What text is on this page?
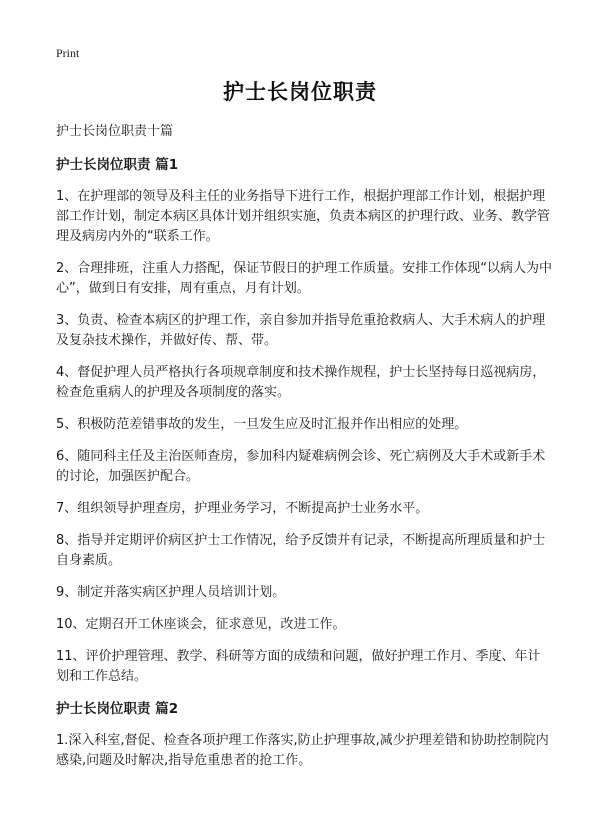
Print
护士长岗位职责

护士长岗位职责十篇

护士长岗位职责 篇1

1、在护理部的领导及科主任的业务指导下进行工作，根据护理部工作计划，根据护理部工作计划，制定本病区具体计划并组织实施，负责本病区的护理行政、业务、教学管理及病房内外的“联系工作。

2、合理排班，注重人力搭配，保证节假日的护理工作质量。安排工作体现“以病人为中心”，做到日有安排，周有重点，月有计划。

3、负责、检查本病区的护理工作，亲自参加并指导危重抢救病人、大手术病人的护理及复杂技术操作，并做好传、帮、带。

4、督促护理人员严格执行各项规章制度和技术操作规程，护士长坚持每日巡视病房，检查危重病人的护理及各项制度的落实。

5、积极防范差错事故的发生，一旦发生应及时汇报并作出相应的处理。

6、随同科主任及主治医师查房，参加科内疑难病例会诊、死亡病例及大手术或新手术的讨论，加强医护配合。

7、组织领导护理查房，护理业务学习，不断提高护士业务水平。

8、指导并定期评价病区护士工作情况，给予反馈并有记录，不断提高所理质量和护士自身素质。

9、制定并落实病区护理人员培训计划。

10、定期召开工休座谈会，征求意见，改进工作。

11、评价护理管理、教学、科研等方面的成绩和问题，做好护理工作月、季度、年计划和工作总结。

护士长岗位职责 篇2

1.深入科室,督促、检查各项护理工作落实,防止护理事故,减少护理差错和协助控制院内感染,问题及时解决,指导危重患者的抢工作。
